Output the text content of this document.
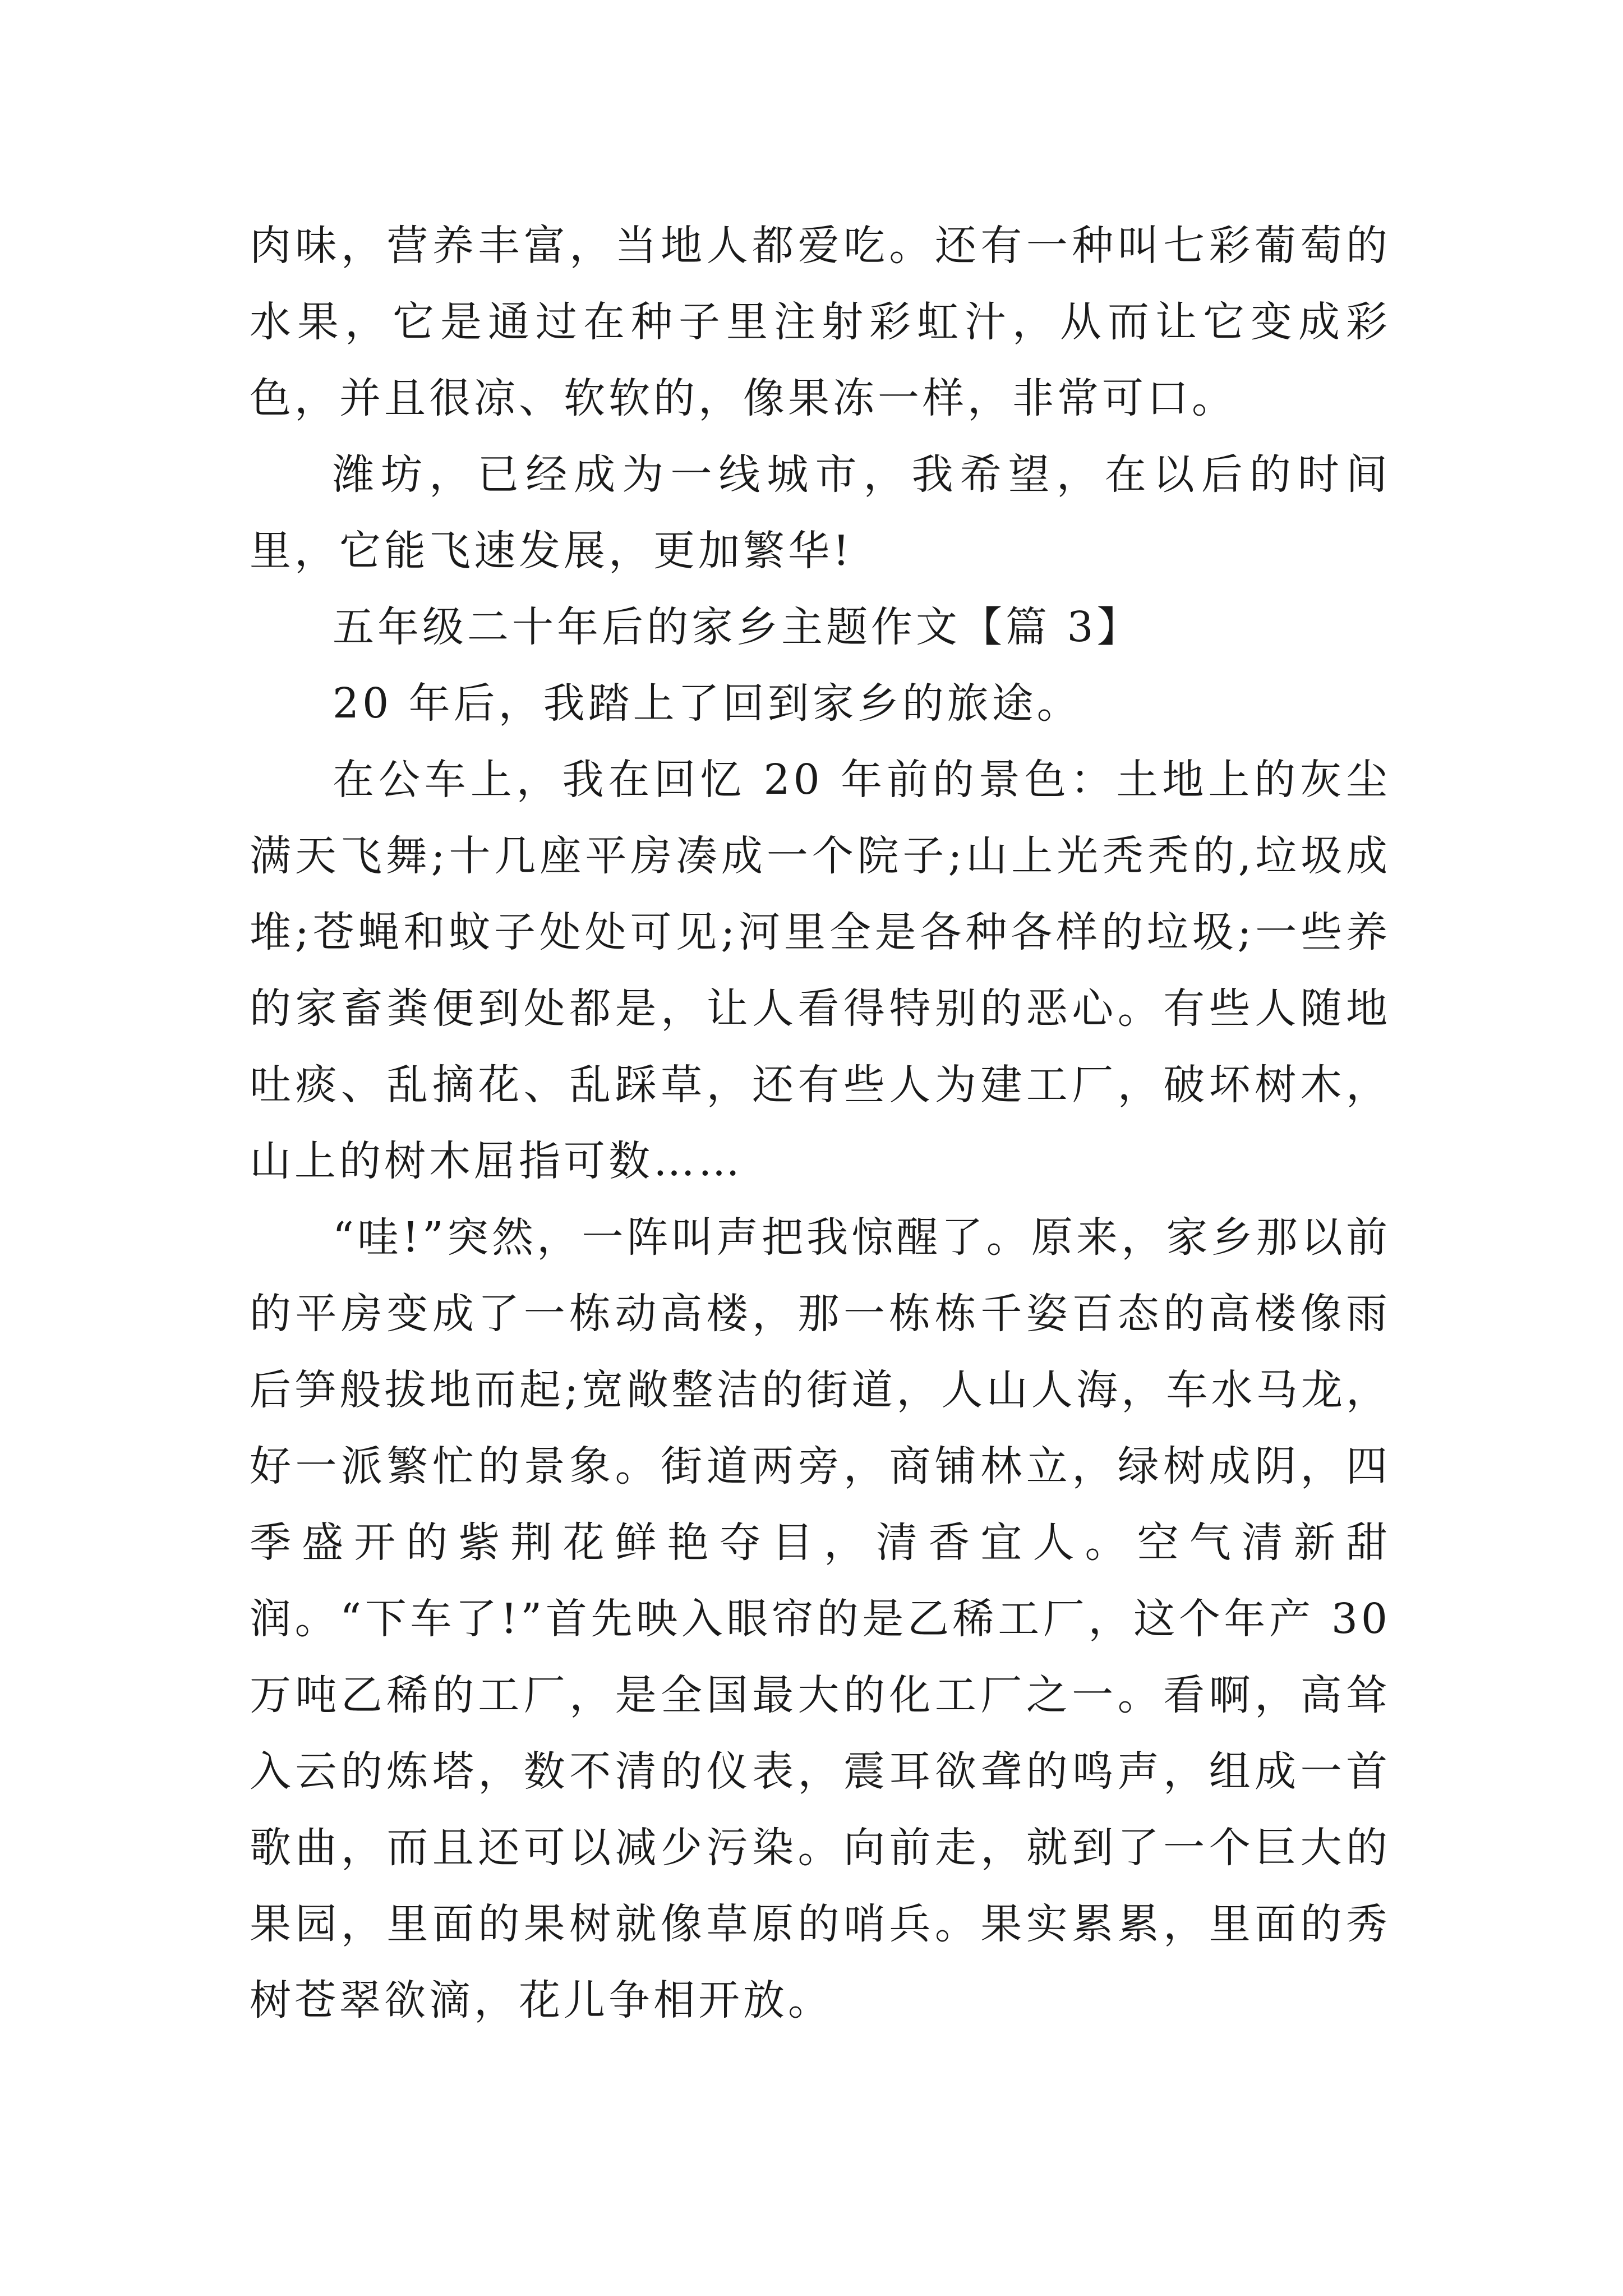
肉味，营养丰富，当地人都爱吃。还有一种叫七彩葡萄的水果，它是通过在种子里注射彩虹汁，从而让它变成彩色，并且很凉、软软的，像果冻一样，非常可口。

潍坊，已经成为一线城市，我希望，在以后的时间里，它能飞速发展，更加繁华!

五年级二十年后的家乡主题作文【篇 3】

20 年后，我踏上了回到家乡的旅途。

在公车上，我在回忆 20 年前的景色：土地上的灰尘满天飞舞;十几座平房凑成一个院子;山上光秃秃的,垃圾成堆;苍蝇和蚊子处处可见;河里全是各种各样的垃圾;一些养的家畜粪便到处都是，让人看得特别的恶心。有些人随地吐痰、乱摘花、乱踩草，还有些人为建工厂，破坏树木，山上的树木屈指可数……

“哇!”突然，一阵叫声把我惊醒了。原来，家乡那以前的平房变成了一栋动高楼，那一栋栋千姿百态的高楼像雨后笋般拔地而起;宽敞整洁的街道，人山人海，车水马龙，好一派繁忙的景象。街道两旁，商铺林立，绿树成阴，四季盛开的紫荆花鲜艳夺目，清香宜人。空气清新甜润。“下车了!”首先映入眼帘的是乙稀工厂，这个年产 30 万吨乙稀的工厂，是全国最大的化工厂之一。看啊，高耸入云的炼塔，数不清的仪表，震耳欲聋的鸣声，组成一首歌曲，而且还可以减少污染。向前走，就到了一个巨大的果园，里面的果树就像草原的哨兵。果实累累，里面的秀树苍翠欲滴，花儿争相开放。
